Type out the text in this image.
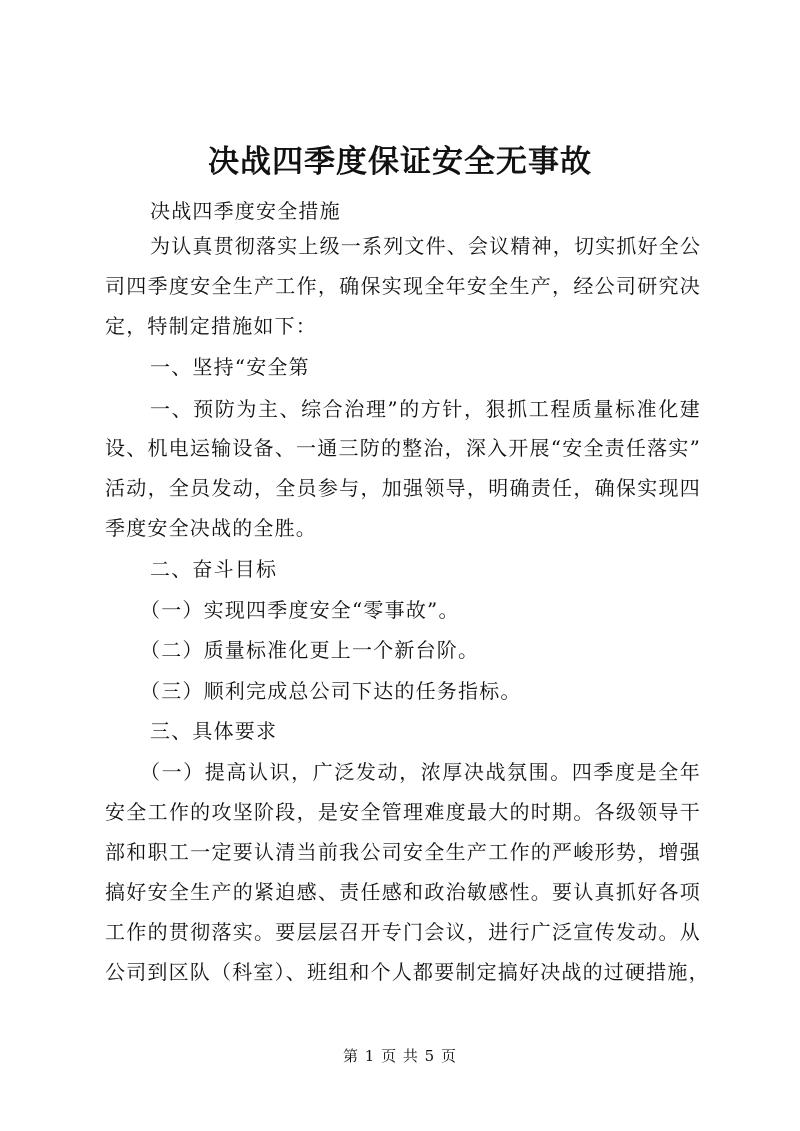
决战四季度保证安全无事故
决战四季度安全措施
为认真贯彻落实上级一系列文件、会议精神，切实抓好全公
司四季度安全生产工作，确保实现全年安全生产，经公司研究决
定，特制定措施如下：
一、坚持“安全第
一、预防为主、综合治理”的方针，狠抓工程质量标准化建
设、机电运输设备、一通三防的整治，深入开展“安全责任落实”
活动，全员发动，全员参与，加强领导，明确责任，确保实现四
季度安全决战的全胜。
二、奋斗目标
（一）实现四季度安全“零事故”。
（二）质量标准化更上一个新台阶。
（三）顺利完成总公司下达的任务指标。
三、具体要求
（一）提高认识，广泛发动，浓厚决战氛围。四季度是全年
安全工作的攻坚阶段，是安全管理难度最大的时期。各级领导干
部和职工一定要认清当前我公司安全生产工作的严峻形势，增强
搞好安全生产的紧迫感、责任感和政治敏感性。要认真抓好各项
工作的贯彻落实。要层层召开专门会议，进行广泛宣传发动。从
公司到区队（科室）、班组和个人都要制定搞好决战的过硬措施，
第 1 页 共 5 页
